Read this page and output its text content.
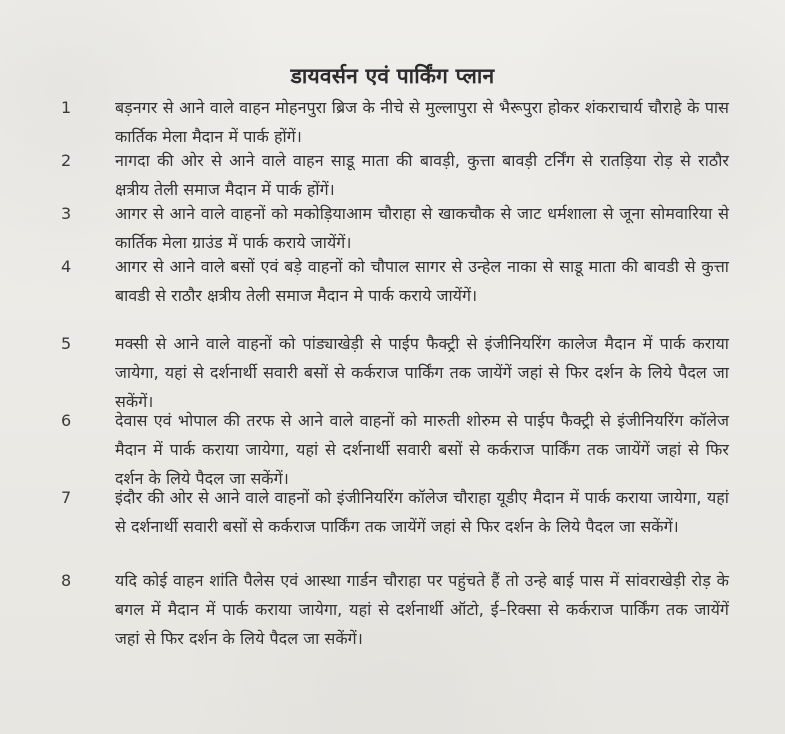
डायवर्सन एवं पार्किंग प्लान
1	बड़नगर से आने वाले वाहन मोहनपुरा ब्रिज के नीचे से मुल्लापुरा से भैरूपुरा होकर शंकराचार्य चौराहे के पास कार्तिक मेला मैदान में पार्क होंगें।
2	नागदा की ओर से आने वाले वाहन साडू माता की बावड़ी, कुत्ता बावड़ी टर्निंग से रातड़िया रोड़ से राठौर क्षत्रीय तेली समाज मैदान में पार्क होंगें।
3	आगर से आने वाले वाहनों को मकोड़ियाआम चौराहा से खाकचौक से जाट धर्मशाला से जूना सोमवारिया से कार्तिक मेला ग्राउंड में पार्क कराये जायेंगें।
4	आगर से आने वाले बसों एवं बड़े वाहनों को चौपाल सागर से उन्हेल नाका से साडू माता की बावडी से कुत्ता बावडी से राठौर क्षत्रीय तेली समाज मैदान मे पार्क कराये जायेंगें।
5	मक्सी से आने वाले वाहनों को पांड्याखेड़ी से पाईप फैक्ट्री से इंजीनियरिंग कालेज मैदान में पार्क कराया जायेगा, यहां से दर्शनार्थी सवारी बसों से कर्कराज पार्किंग तक जायेंगें जहां से फिर दर्शन के लिये पैदल जा सकेंगें।
6	देवास एवं भोपाल की तरफ से आने वाले वाहनों को मारुती शोरुम से पाईप फैक्ट्री से इंजीनियरिंग कॉलेज मैदान में पार्क कराया जायेगा, यहां से दर्शनार्थी सवारी बसों से कर्कराज पार्किंग तक जायेंगें जहां से फिर दर्शन के लिये पैदल जा सकेंगें।
7	इंदौर की ओर से आने वाले वाहनों को इंजीनियरिंग कॉलेज चौराहा यूडीए मैदान में पार्क कराया जायेगा, यहां से दर्शनार्थी सवारी बसों से कर्कराज पार्किंग तक जायेंगें जहां से फिर दर्शन के लिये पैदल जा सकेंगें।
8	यदि कोई वाहन शांति पैलेस एवं आस्था गार्डन चौराहा पर पहुंचते हैं तो उन्हे बाई पास में सांवराखेड़ी रोड़ के बगल में मैदान में पार्क कराया जायेगा, यहां से दर्शनार्थी ऑटो, ई–रिक्सा से कर्कराज पार्किंग तक जायेंगें जहां से फिर दर्शन के लिये पैदल जा सकेंगें।
